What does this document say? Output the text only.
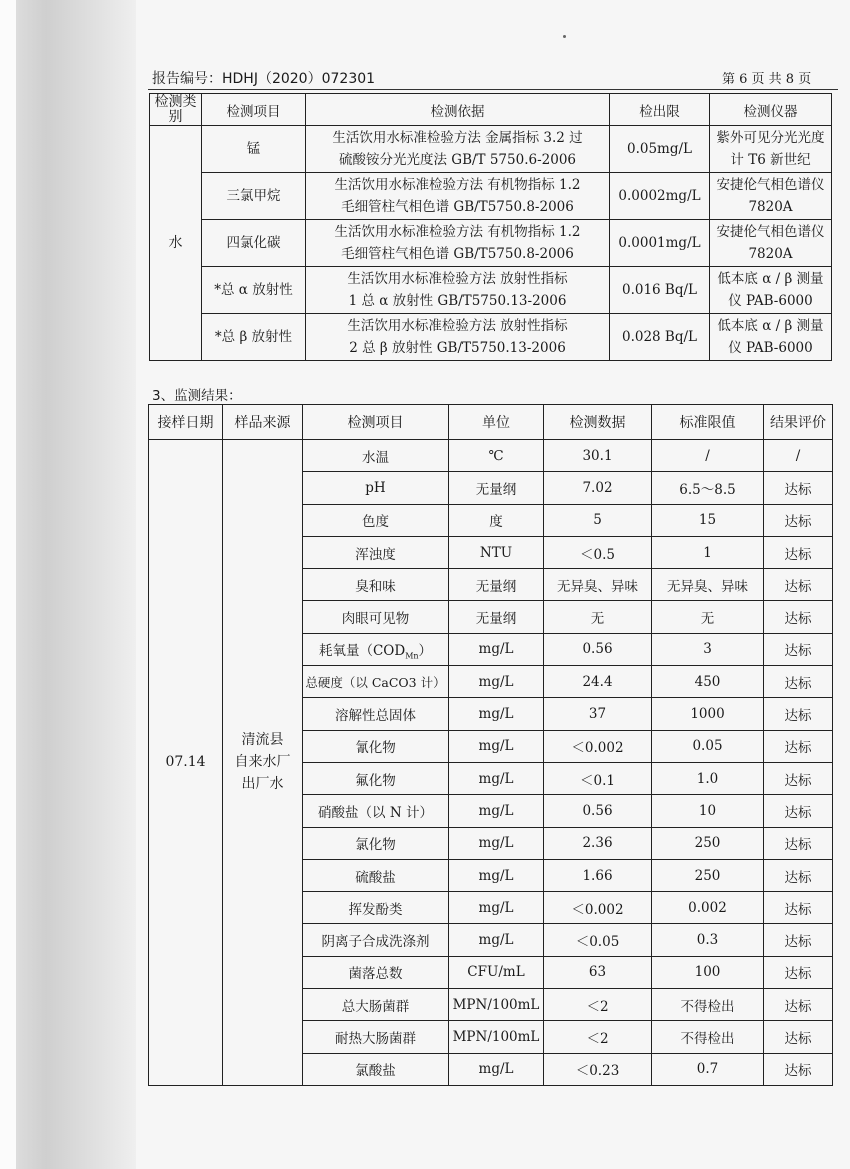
报告编号：HDHJ（2020）072301	第 6 页 共 8 页
检测类别	检测项目	检测依据	检出限	检测仪器
水	锰	生活饮用水标准检验方法 金属指标 3.2 过
硫酸铵分光光度法 GB/T 5750.6-2006	0.05mg/L	紫外可见分光光度
计 T6 新世纪
	三氯甲烷	生活饮用水标准检验方法 有机物指标 1.2
毛细管柱气相色谱 GB/T5750.8-2006	0.0002mg/L	安捷伦气相色谱仪
7820A
	四氯化碳	生活饮用水标准检验方法 有机物指标 1.2
毛细管柱气相色谱 GB/T5750.8-2006	0.0001mg/L	安捷伦气相色谱仪
7820A
	*总 α 放射性	生活饮用水标准检验方法 放射性指标
1 总 α 放射性 GB/T5750.13-2006	0.016 Bq/L	低本底 α / β 测量
仪 PAB-6000
	*总 β 放射性	生活饮用水标准检验方法 放射性指标
2 总 β 放射性 GB/T5750.13-2006	0.028 Bq/L	低本底 α / β 测量
仪 PAB-6000
3、监测结果：
接样日期	样品来源	检测项目	单位	检测数据	标准限值	结果评价
07.14	清流县
自来水厂
出厂水	水温	℃	30.1	/	/
		pH	无量纲	7.02	6.5～8.5	达标
		色度	度	5	15	达标
		浑浊度	NTU	＜0.5	1	达标
		臭和味	无量纲	无异臭、异味	无异臭、异味	达标
		肉眼可见物	无量纲	无	无	达标
		耗氧量$(COD_{Mn})$	mg/L	0.56	3	达标
		总硬度（以 CaCO3 计）	mg/L	24.4	450	达标
		溶解性总固体	mg/L	37	1000	达标
		氰化物	mg/L	＜0.002	0.05	达标
		氟化物	mg/L	＜0.1	1.0	达标
		硝酸盐（以 N 计）	mg/L	0.56	10	达标
		氯化物	mg/L	2.36	250	达标
		硫酸盐	mg/L	1.66	250	达标
		挥发酚类	mg/L	＜0.002	0.002	达标
		阴离子合成洗涤剂	mg/L	＜0.05	0.3	达标
		菌落总数	CFU/mL	63	100	达标
		总大肠菌群	MPN/100mL	＜2	不得检出	达标
		耐热大肠菌群	MPN/100mL	＜2	不得检出	达标
		氯酸盐	mg/L	＜0.23	0.7	达标
